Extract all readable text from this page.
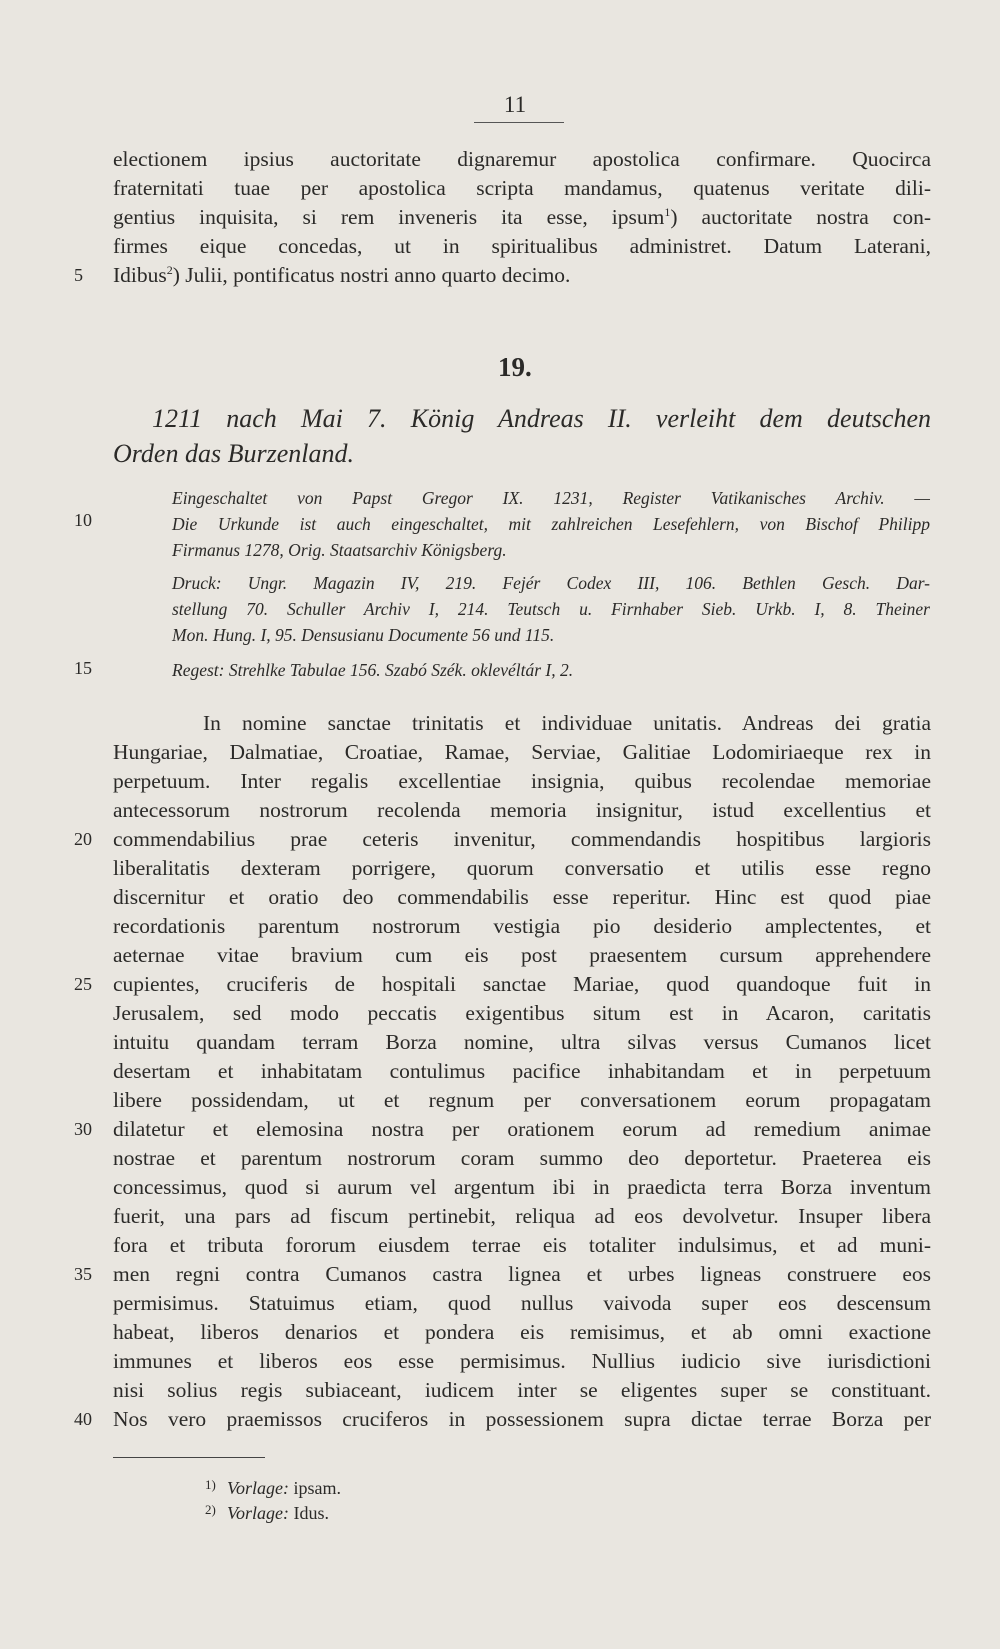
11
electionem ipsius auctoritate dignaremur apostolica confirmare. Quocirca
fraternitati tuae per apostolica scripta mandamus, quatenus veritate dili-
gentius inquisita, si rem inveneris ita esse, ipsum$^1$) auctoritate nostra con-
firmes eique concedas, ut in spiritualibus administret. Datum Laterani,
Idibus$^2$) Julii, pontificatus nostri anno quarto decimo.
19.
1211 nach Mai 7. König Andreas II. verleiht dem deutschen
Orden das Burzenland.
Eingeschaltet von Papst Gregor IX. 1231, Register Vatikanisches Archiv. —
Die Urkunde ist auch eingeschaltet, mit zahlreichen Lesefehlern, von Bischof Philipp
Firmanus 1278, Orig. Staatsarchiv Königsberg.
Druck: Ungr. Magazin IV, 219. Fejér Codex III, 106. Bethlen Gesch. Dar-
stellung 70. Schuller Archiv I, 214. Teutsch u. Firnhaber Sieb. Urkb. I, 8. Theiner
Mon. Hung. I, 95. Densusianu Documente 56 und 115.
Regest: Strehlke Tabulae 156. Szabó Szék. oklevéltár I, 2.
In nomine sanctae trinitatis et individuae unitatis. Andreas dei gratia
Hungariae, Dalmatiae, Croatiae, Ramae, Serviae, Galitiae Lodomiriaeque rex in
perpetuum. Inter regalis excellentiae insignia, quibus recolendae memoriae
antecessorum nostrorum recolenda memoria insignitur, istud excellentius et
commendabilius prae ceteris invenitur, commendandis hospitibus largioris
liberalitatis dexteram porrigere, quorum conversatio et utilis esse regno
discernitur et oratio deo commendabilis esse reperitur. Hinc est quod piae
recordationis parentum nostrorum vestigia pio desiderio amplectentes, et
aeternae vitae bravium cum eis post praesentem cursum apprehendere
cupientes, cruciferis de hospitali sanctae Mariae, quod quandoque fuit in
Jerusalem, sed modo peccatis exigentibus situm est in Acaron, caritatis
intuitu quandam terram Borza nomine, ultra silvas versus Cumanos licet
desertam et inhabitatam contulimus pacifice inhabitandam et in perpetuum
libere possidendam, ut et regnum per conversationem eorum propagatam
dilatetur et elemosina nostra per orationem eorum ad remedium animae
nostrae et parentum nostrorum coram summo deo deportetur. Praeterea eis
concessimus, quod si aurum vel argentum ibi in praedicta terra Borza inventum
fuerit, una pars ad fiscum pertinebit, reliqua ad eos devolvetur. Insuper libera
fora et tributa fororum eiusdem terrae eis totaliter indulsimus, et ad muni-
men regni contra Cumanos castra lignea et urbes ligneas construere eos
permisimus. Statuimus etiam, quod nullus vaivoda super eos descensum
habeat, liberos denarios et pondera eis remisimus, et ab omni exactione
immunes et liberos eos esse permisimus. Nullius iudicio sive iurisdictioni
nisi solius regis subiaceant, iudicem inter se eligentes super se constituant.
Nos vero praemissos cruciferos in possessionem supra dictae terrae Borza per
5
10
15
20
25
30
35
40
1) Vorlage: ipsam.
2) Vorlage: Idus.
